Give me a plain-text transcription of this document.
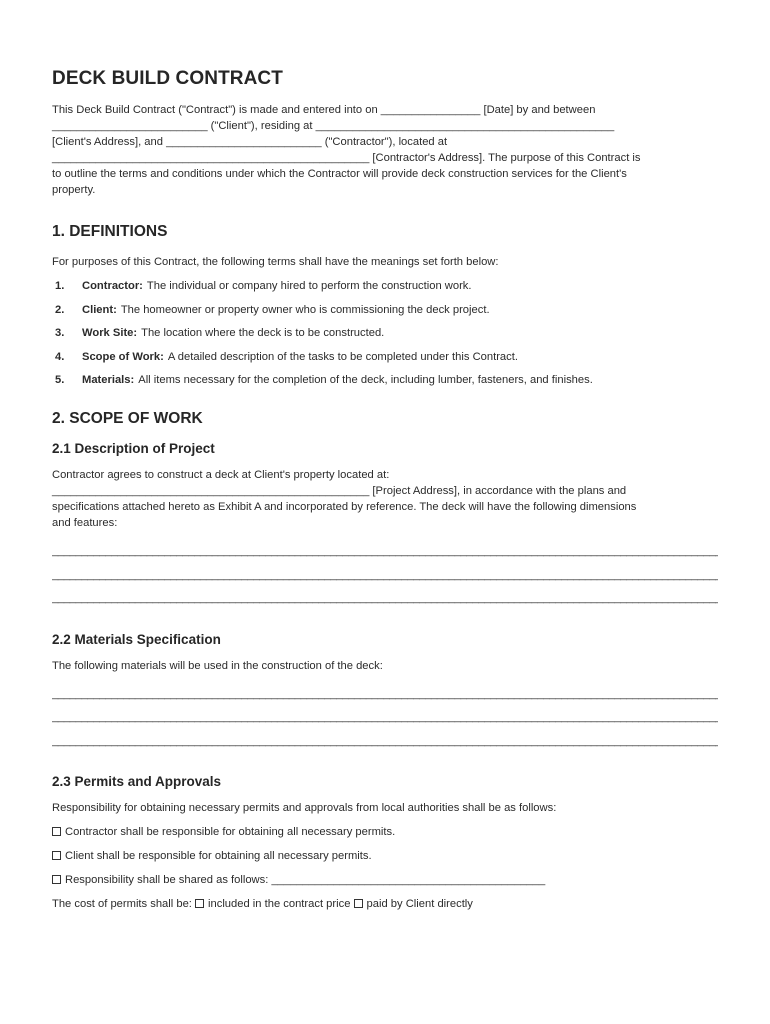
DECK BUILD CONTRACT

This Deck Build Contract ("Contract") is made and entered into on ________________ [Date] by and between

_________________________ ("Client"), residing at ________________________________________________

[Client's Address], and _________________________ ("Contractor"), located at

___________________________________________________ [Contractor's Address]. The purpose of this Contract is

to outline the terms and conditions under which the Contractor will provide deck construction services for the Client's

property.

1. DEFINITIONS

For purposes of this Contract, the following terms shall have the meanings set forth below:

1.	Contractor: The individual or company hired to perform the construction work.
2.	Client: The homeowner or property owner who is commissioning the deck project.
3.	Work Site: The location where the deck is to be constructed.
4.	Scope of Work: A detailed description of the tasks to be completed under this Contract.
5.	Materials: All items necessary for the completion of the deck, including lumber, fasteners, and finishes.
2. SCOPE OF WORK
2.1 Description of Project

Contractor agrees to construct a deck at Client's property located at:

___________________________________________________ [Project Address], in accordance with the plans and

specifications attached hereto as Exhibit A and incorporated by reference. The deck will have the following dimensions

and features:

_____
_____
_____
2.2 Materials Specification

The following materials will be used in the construction of the deck:

_____
_____
_____
2.3 Permits and Approvals

Responsibility for obtaining necessary permits and approvals from local authorities shall be as follows:

Contractor shall be responsible for obtaining all necessary permits.

Client shall be responsible for obtaining all necessary permits.

Responsibility shall be shared as follows: ____________________________________________

The cost of permits shall be: included in the contract price paid by Client directly
